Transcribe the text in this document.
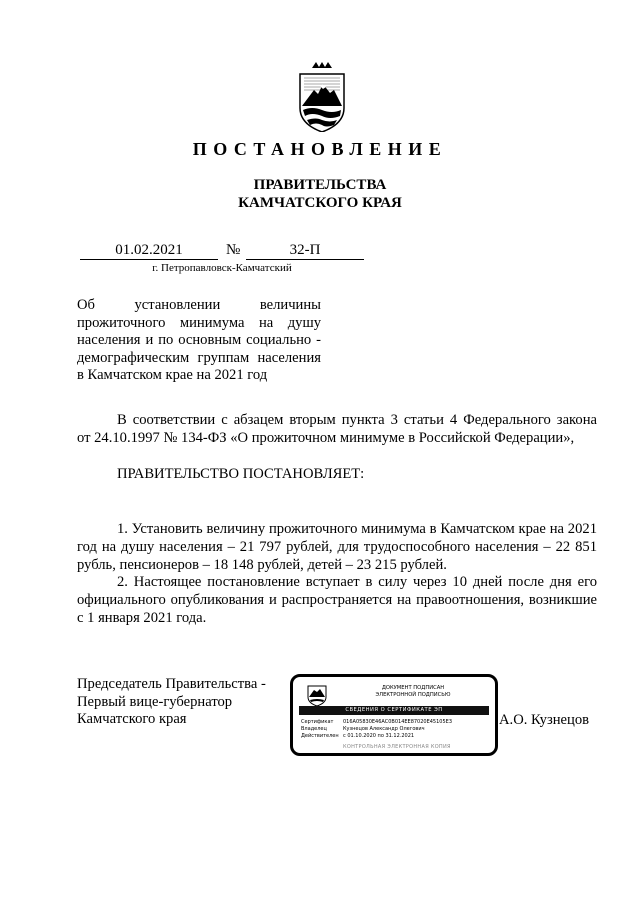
ПОСТАНОВЛЕНИЕ
ПРАВИТЕЛЬСТВА
КАМЧАТСКОГО КРАЯ
01.02.2021	№	32-П
г. Петропавловск-Камчатский
Об установлении величины прожиточного минимума на душу населения и по основным социально - демографическим группам населения в Камчатском крае на 2021 год
В соответствии с абзацем вторым пункта 3 статьи 4 Федерального закона
от 24.10.1997 № 134-ФЗ «О прожиточном минимуме в Российской Федерации»,
ПРАВИТЕЛЬСТВО ПОСТАНОВЛЯЕТ:
1. Установить величину прожиточного минимума в Камчатском крае на 2021 год на душу населения – 21 797 рублей, для трудоспособного населения – 22 851 рубль, пенсионеров – 18 148 рублей, детей – 23 215 рублей.
2. Настоящее постановление вступает в силу через 10 дней после дня его официального опубликования и распространяется на правоотношения, возникшие с 1 января 2021 года.
Председатель Правительства -
Первый вице-губернатор
Камчатского края
ДОКУМЕНТ ПОДПИСАН
ЭЛЕКТРОННОЙ ПОДПИСЬЮ
СВЕДЕНИЯ О СЕРТИФИКАТЕ ЭП
Сертификат	016A05830E46AC0B014EE87020E45105E3
Владелец	Кузнецов Александр Олегович
Действителен с 01.10.2020 по 31.12.2021
КОНТРОЛЬНАЯ ЭЛЕКТРОННАЯ КОПИЯ
А.О. Кузнецов
